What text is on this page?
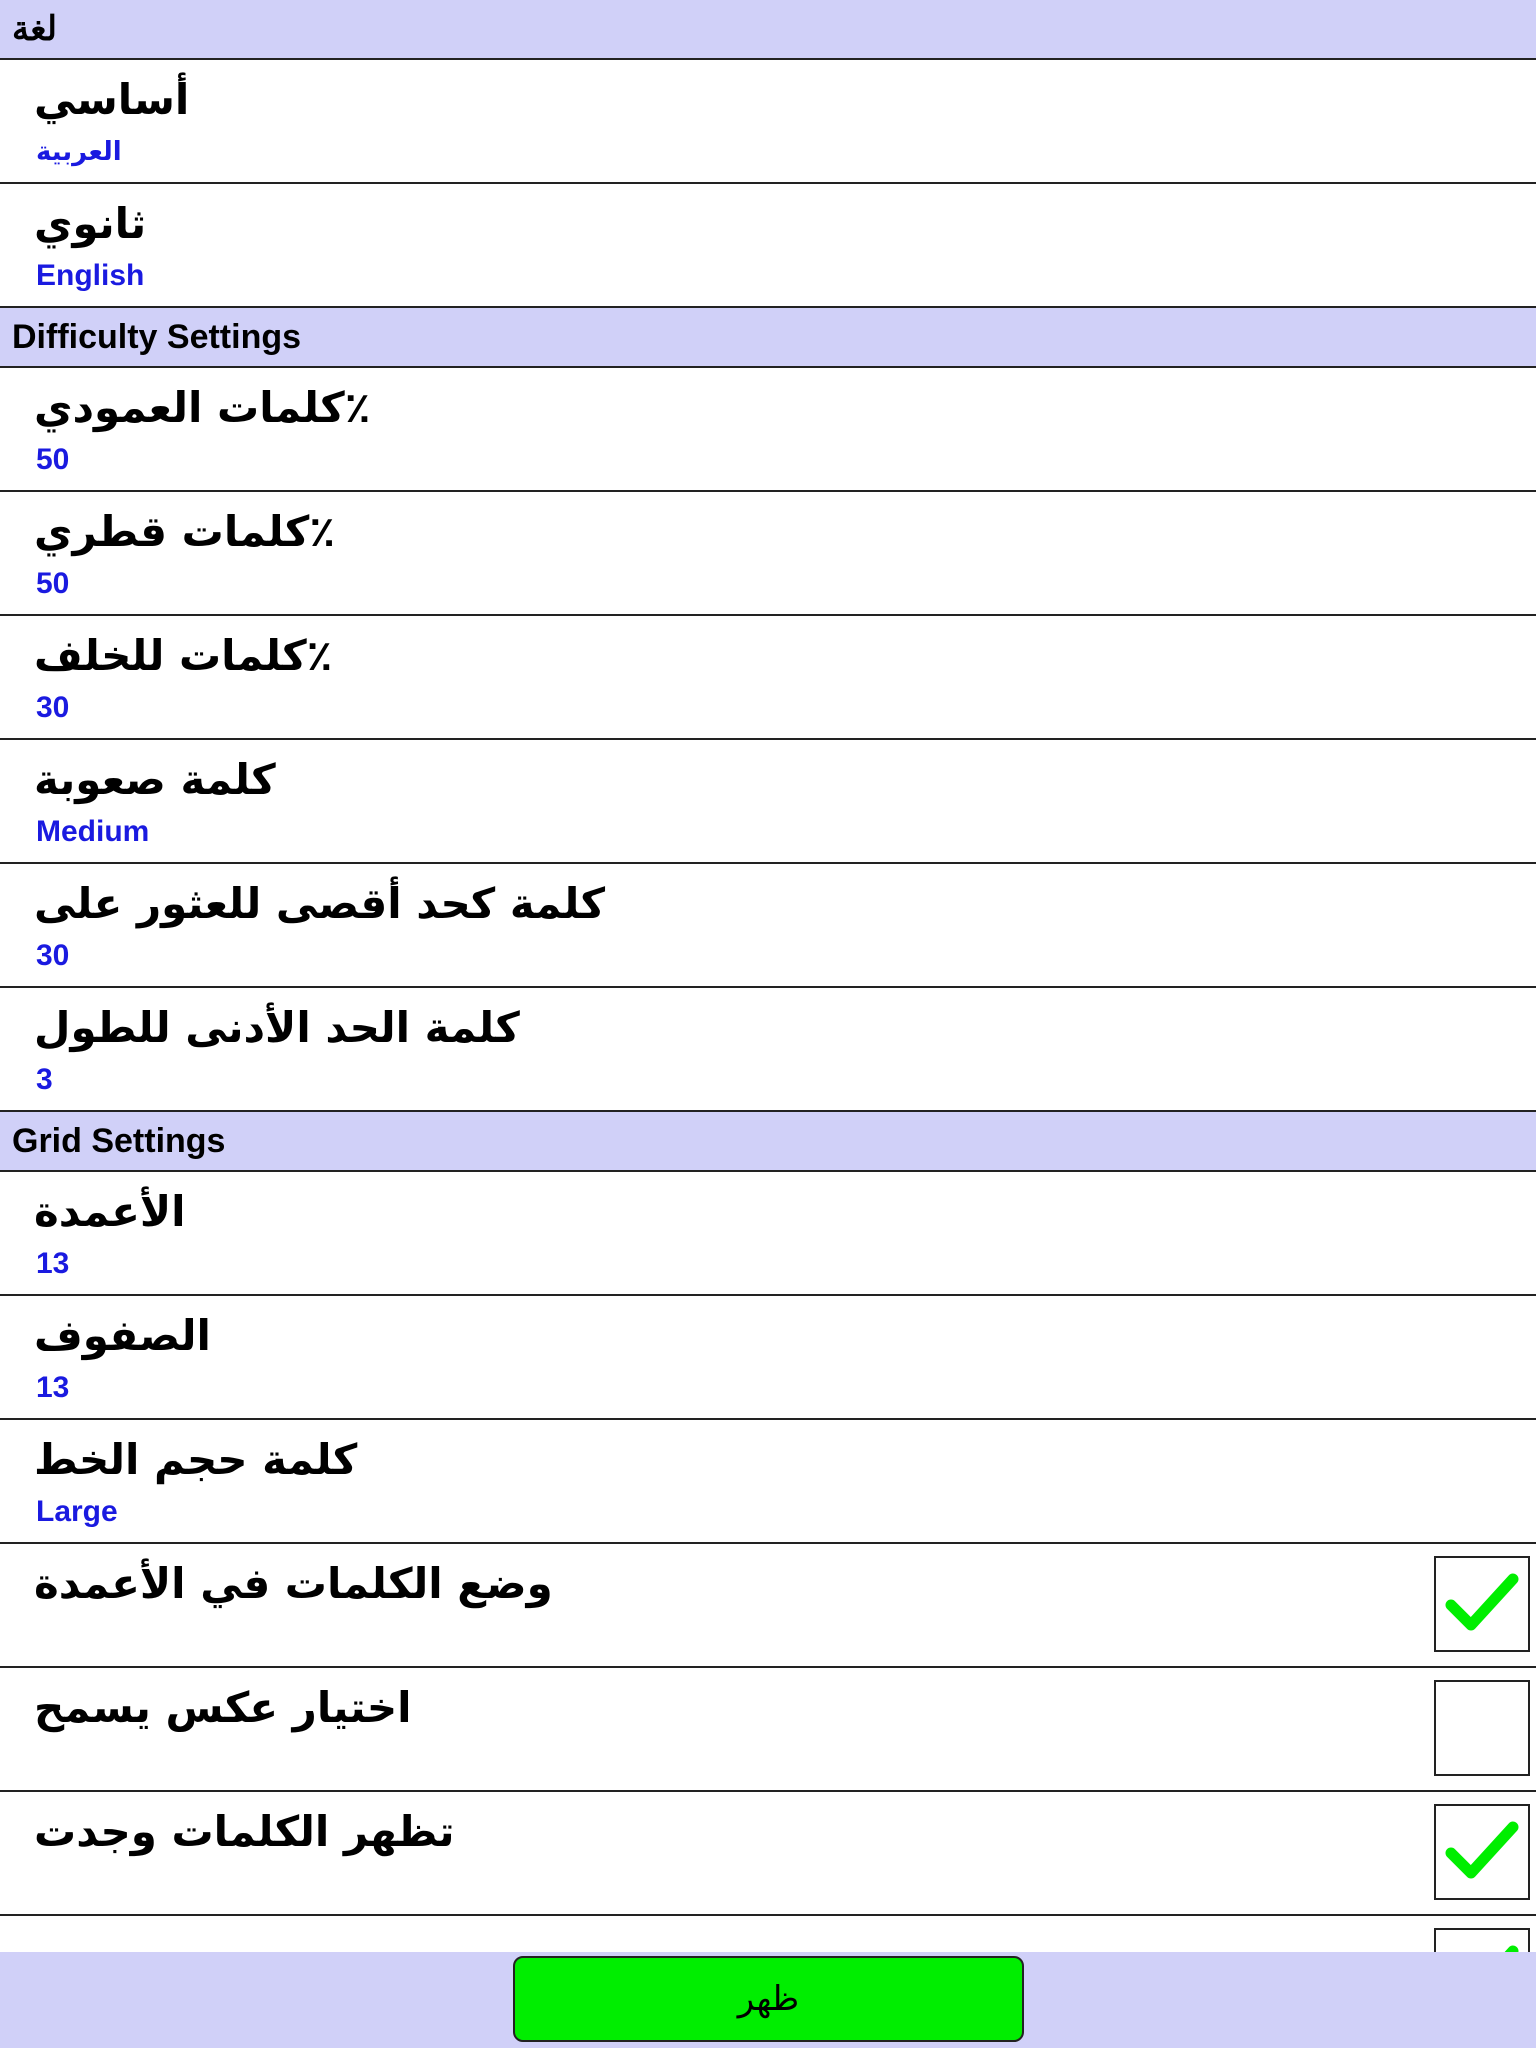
لغة
أساسي
العربية
ثانوي
English
Difficulty Settings
كلمات العمودي٪
50
كلمات قطري٪
50
كلمات للخلف٪
30
كلمة صعوبة
Medium
كلمة كحد أقصى للعثور على
30
كلمة الحد الأدنى للطول
3
Grid Settings
الأعمدة
13
الصفوف
13
كلمة حجم الخط
Large
وضع الكلمات في الأعمدة
اختيار عكس يسمح
تظهر الكلمات وجدت
ظهر
